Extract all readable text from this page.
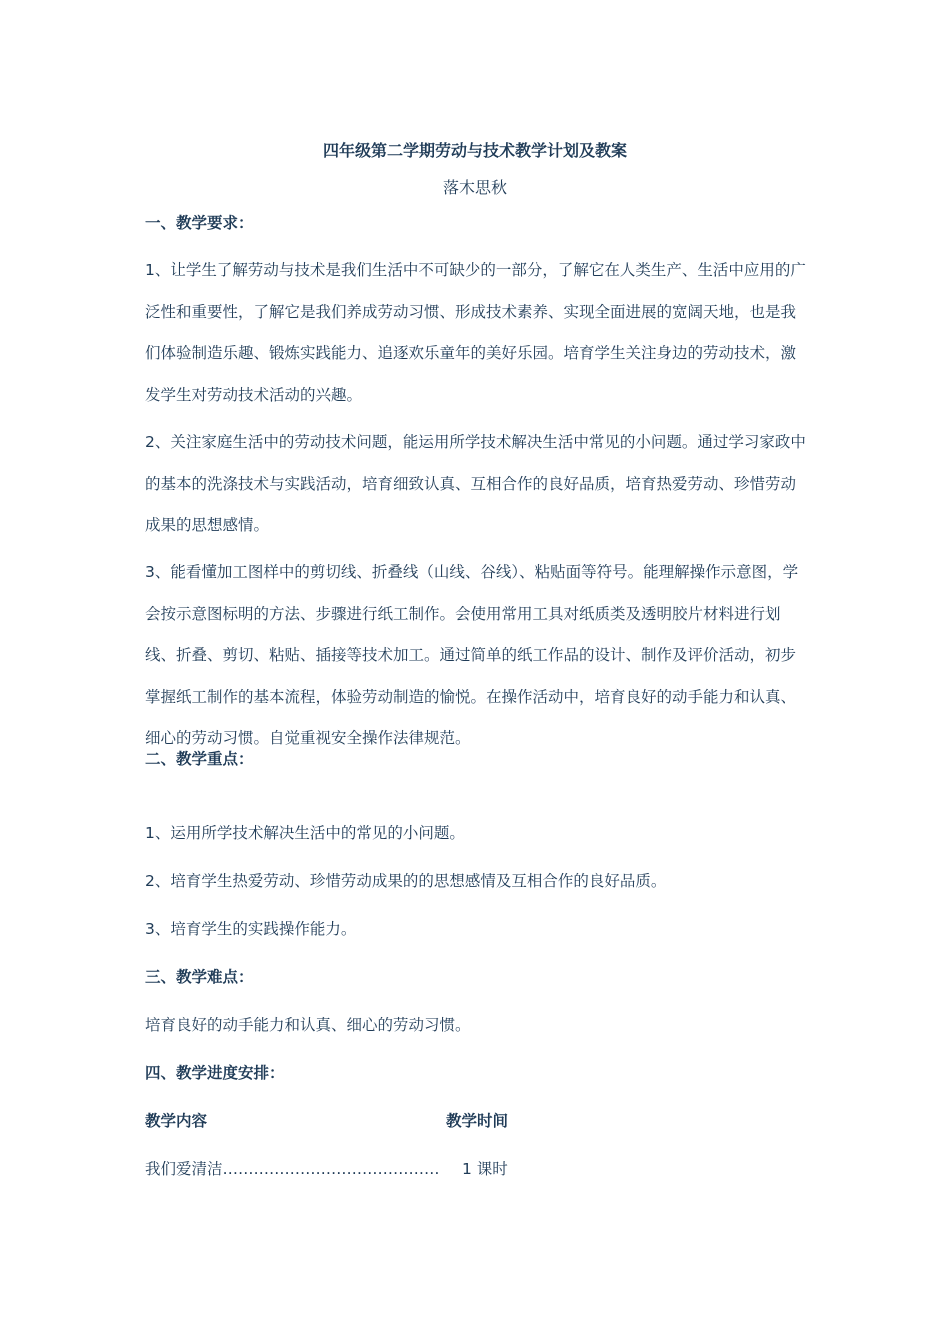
四年级第二学期劳动与技术教学计划及教案
落木思秋
一、教学要求：
1、让学生了解劳动与技术是我们生活中不可缺少的一部分，了解它在人类生产、生活中应用的广泛性和重要性，了解它是我们养成劳动习惯、形成技术素养、实现全面进展的宽阔天地，也是我们体验制造乐趣、锻炼实践能力、追逐欢乐童年的美好乐园。培育学生关注身边的劳动技术，激发学生对劳动技术活动的兴趣。
2、关注家庭生活中的劳动技术问题，能运用所学技术解决生活中常见的小问题。通过学习家政中的基本的洗涤技术与实践活动，培育细致认真、互相合作的良好品质，培育热爱劳动、珍惜劳动成果的思想感情。
3、能看懂加工图样中的剪切线、折叠线（山线、谷线）、粘贴面等符号。能理解操作示意图，学会按示意图标明的方法、步骤进行纸工制作。会使用常用工具对纸质类及透明胶片材料进行划线、折叠、剪切、粘贴、插接等技术加工。通过简单的纸工作品的设计、制作及评价活动，初步掌握纸工制作的基本流程，体验劳动制造的愉悦。在操作活动中，培育良好的动手能力和认真、细心的劳动习惯。自觉重视安全操作法律规范。
二、教学重点：
1、运用所学技术解决生活中的常见的小问题。
2、培育学生热爱劳动、珍惜劳动成果的的思想感情及互相合作的良好品质。
3、培育学生的实践操作能力。
三、教学难点：
培育良好的动手能力和认真、细心的劳动习惯。
四、教学进度安排：
教学内容	教学时间
我们爱清洁……………………………………	1 课时
